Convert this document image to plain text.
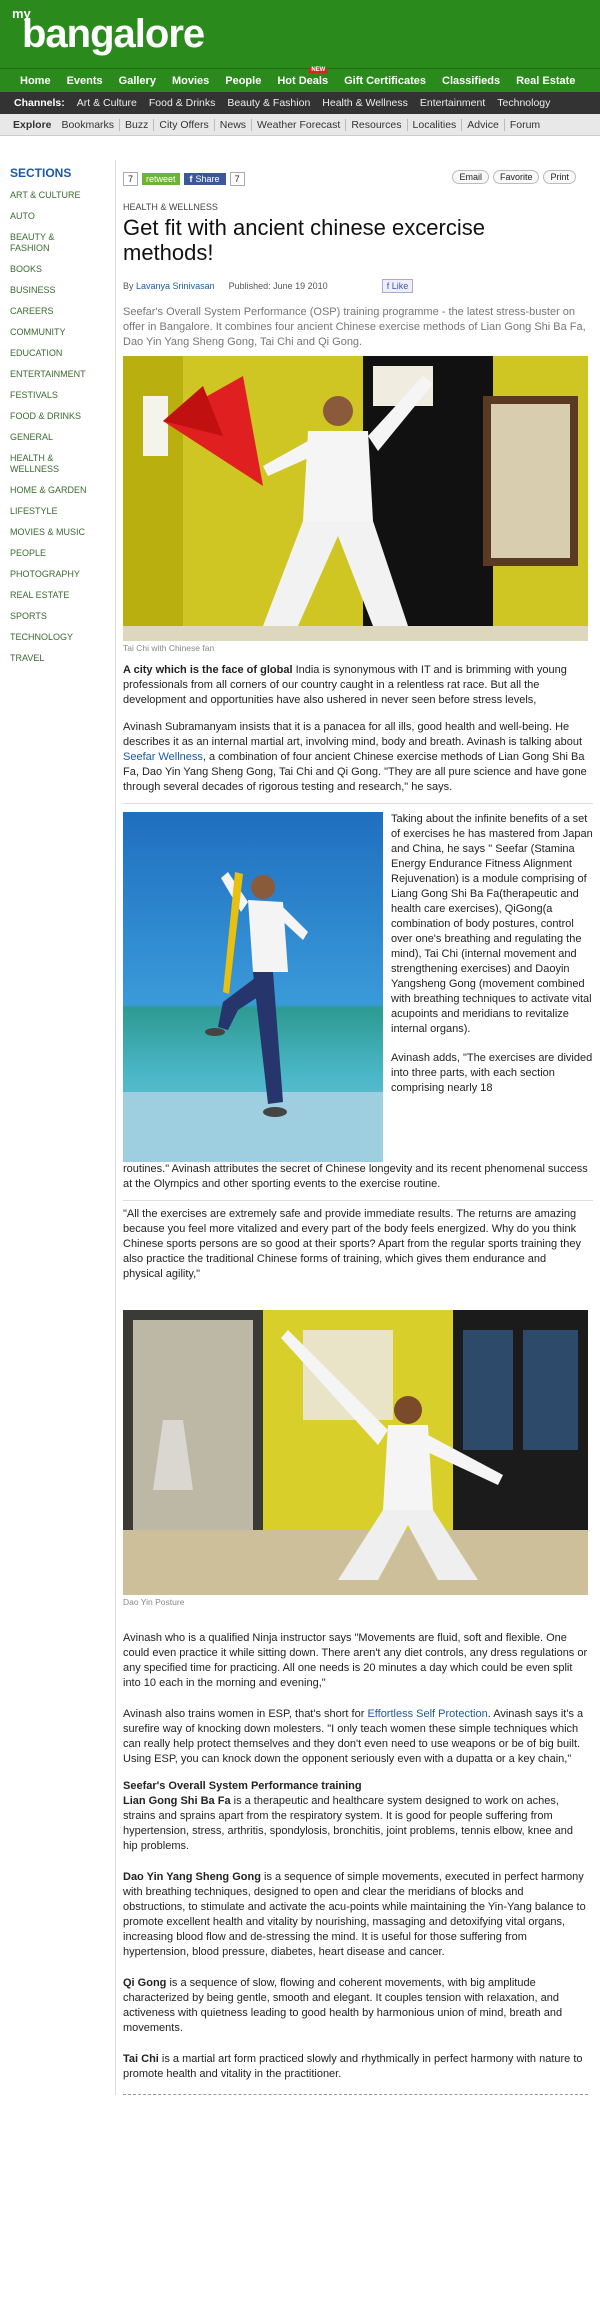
my
bangalore
Home	Events	Gallery	Movies	People	Hot Deals
NEW
Gift Certificates	Classifieds	Real Estate
Channels:	Art & Culture	Food & Drinks	Beauty & Fashion	Health & Wellness	Entertainment	Technology
Explore Bookmarks	Buzz	City Offers	News	Weather Forecast	Resources	Localities	Advice	Forum
SECTIONS
ART & CULTURE
AUTO
BEAUTY & FASHION
BOOKS
BUSINESS
CAREERS
COMMUNITY
EDUCATION
ENTERTAINMENT
FESTIVALS
FOOD & DRINKS
GENERAL
HEALTH & WELLNESS
HOME & GARDEN
LIFESTYLE
MOVIES & MUSIC
PEOPLE
PHOTOGRAPHY
REAL ESTATE
SPORTS
TECHNOLOGY
TRAVEL
7	retweet	f Share	7	Email	Favorite	Print
HEALTH & WELLNESS
Get fit with ancient chinese excercise methods!
By Lavanya Srinivasan Published: June 19 2010	f Like

Seefar's Overall System Performance (OSP) training programme - the latest stress-buster on offer in Bangalore. It combines four ancient Chinese exercise methods of Lian Gong Shi Ba Fa, Dao Yin Yang Sheng Gong, Tai Chi and Qi Gong.

Tai Chi with Chinese fan

A city which is the face of global India is synonymous with IT and is brimming with young professionals from all corners of our country caught in a relentless rat race. But all the development and opportunities have also ushered in never seen before stress levels,

Avinash Subramanyam insists that it is a panacea for all ills, good health and well-being. He describes it as an internal martial art, involving mind, body and breath. Avinash is talking about Seefar Wellness, a combination of four ancient Chinese exercise methods of Lian Gong Shi Ba Fa, Dao Yin Yang Sheng Gong, Tai Chi and Qi Gong. "They are all pure science and have gone through several decades of rigorous testing and research," he says.

Taking about the infinite benefits of a set of exercises he has mastered from Japan and China, he says " Seefar (Stamina Energy Endurance Fitness Alignment Rejuvenation) is a module comprising of Liang Gong Shi Ba Fa(therapeutic and health care exercises), QiGong(a combination of body postures, control over one's breathing and regulating the mind), Tai Chi (internal movement and strengthening exercises) and Daoyin Yangsheng Gong (movement combined with breathing techniques to activate vital acupoints and meridians to revitalize internal organs).

Avinash adds, "The exercises are divided into three parts, with each section comprising nearly 18

routines." Avinash attributes the secret of Chinese longevity and its recent phenomenal success at the Olympics and other sporting events to the exercise routine.

"All the exercises are extremely safe and provide immediate results. The returns are amazing because you feel more vitalized and every part of the body feels energized. Why do you think Chinese sports persons are so good at their sports? Apart from the regular sports training they also practice the traditional Chinese forms of training, which gives them endurance and physical agility,"

Dao Yin Posture

Avinash who is a qualified Ninja instructor says "Movements are fluid, soft and flexible. One could even practice it while sitting down. There aren't any diet controls, any dress regulations or any specified time for practicing. All one needs is 20 minutes a day which could be even split into 10 each in the morning and evening,"

Avinash also trains women in ESP, that's short for Effortless Self Protection. Avinash says it's a surefire way of knocking down molesters. "I only teach women these simple techniques which can really help protect themselves and they don't even need to use weapons or be of big built. Using ESP, you can knock down the opponent seriously even with a dupatta or a key chain,"

Seefar's Overall System Performance training

Lian Gong Shi Ba Fa is a therapeutic and healthcare system designed to work on aches, strains and sprains apart from the respiratory system. It is good for people suffering from hypertension, stress, arthritis, spondylosis, bronchitis, joint problems, tennis elbow, knee and hip problems.

Dao Yin Yang Sheng Gong is a sequence of simple movements, executed in perfect harmony with breathing techniques, designed to open and clear the meridians of blocks and obstructions, to stimulate and activate the acu-points while maintaining the Yin-Yang balance to promote excellent health and vitality by nourishing, massaging and detoxifying vital organs, increasing blood flow and de-stressing the mind. It is useful for those suffering from hypertension, blood pressure, diabetes, heart disease and cancer.

Qi Gong is a sequence of slow, flowing and coherent movements, with big amplitude characterized by being gentle, smooth and elegant. It couples tension with relaxation, and activeness with quietness leading to good health by harmonious union of mind, breath and movements.

Tai Chi is a martial art form practiced slowly and rhythmically in perfect harmony with nature to promote health and vitality in the practitioner.
